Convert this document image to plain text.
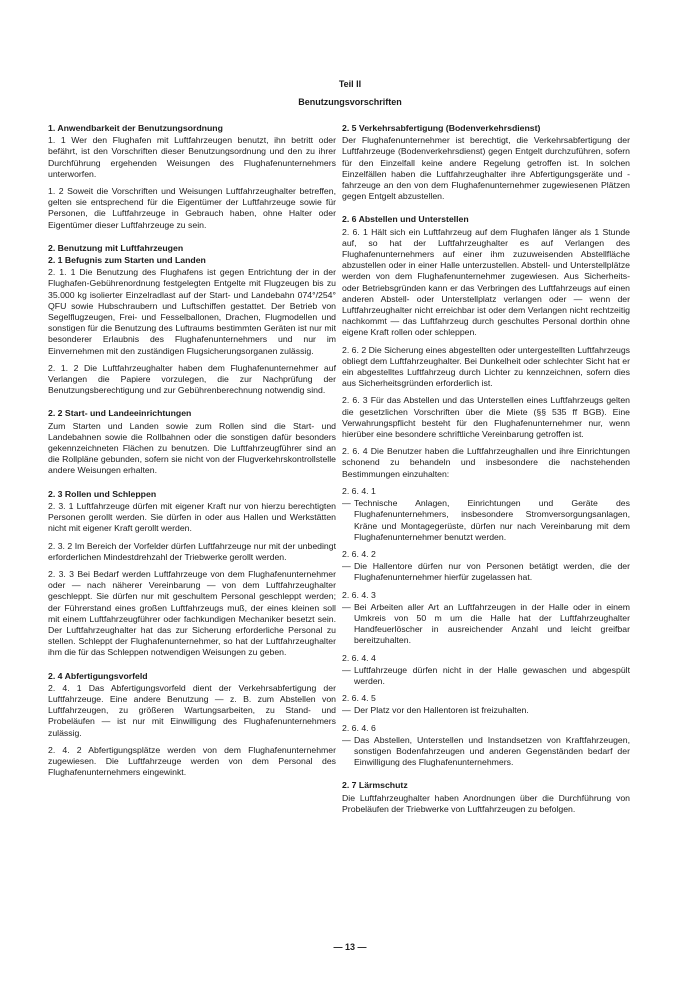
Teil II
Benutzungsvorschriften
1. Anwendbarkeit der Benutzungsordnung

1. 1 Wer den Flughafen mit Luftfahrzeugen benutzt, ihn betritt oder befährt, ist den Vorschriften dieser Benutzungsordnung und den zu ihrer Durchführung ergehenden Weisungen des Flughafenunternehmers unterworfen.

1. 2 Soweit die Vorschriften und Weisungen Luftfahrzeughalter betreffen, gelten sie entsprechend für die Eigentümer der Luftfahrzeuge sowie für Personen, die Luftfahrzeuge in Gebrauch haben, ohne Halter oder Eigentümer dieser Luftfahrzeuge zu sein.

2. Benutzung mit Luftfahrzeugen
2. 1 Befugnis zum Starten und Landen

2. 1. 1 Die Benutzung des Flughafens ist gegen Entrichtung der in der Flughafen-Gebührenordnung festgelegten Entgelte mit Flugzeugen bis zu 35.000 kg isolierter Einzelradlast auf der Start- und Landebahn 074°/254° QFU sowie Hubschraubern und Luftschiffen gestattet. Der Betrieb von Segelflugzeugen, Frei- und Fesselballonen, Drachen, Flugmodellen und sonstigen für die Benutzung des Luftraums bestimmten Geräten ist nur mit besonderer Erlaubnis des Flughafenunternehmers und nur im Einvernehmen mit den zuständigen Flugsicherungsorganen zulässig.

2. 1. 2 Die Luftfahrzeughalter haben dem Flughafenunternehmer auf Verlangen die Papiere vorzulegen, die zur Nachprüfung der Benutzungsberechtigung und zur Gebührenberechnung notwendig sind.

2. 2 Start- und Landeeinrichtungen

Zum Starten und Landen sowie zum Rollen sind die Start- und Landebahnen sowie die Rollbahnen oder die sonstigen dafür besonders gekennzeichneten Flächen zu benutzen. Die Luftfahrzeugführer sind an die Rollpläne gebunden, sofern sie nicht von der Flugverkehrskontrollstelle andere Weisungen erhalten.

2. 3 Rollen und Schleppen

2. 3. 1 Luftfahrzeuge dürfen mit eigener Kraft nur von hierzu berechtigten Personen gerollt werden. Sie dürfen in oder aus Hallen und Werkstätten nicht mit eigener Kraft gerollt werden.

2. 3. 2 Im Bereich der Vorfelder dürfen Luftfahrzeuge nur mit der unbedingt erforderlichen Mindestdrehzahl der Triebwerke gerollt werden.

2. 3. 3 Bei Bedarf werden Luftfahrzeuge von dem Flughafenunternehmer oder — nach näherer Vereinbarung — von dem Luftfahrzeughalter geschleppt. Sie dürfen nur mit geschultem Personal geschleppt werden; der Führerstand eines großen Luftfahrzeugs muß, der eines kleinen soll mit einem Luftfahrzeugführer oder fachkundigen Mechaniker besetzt sein. Der Luftfahrzeughalter hat das zur Sicherung erforderliche Personal zu stellen. Schleppt der Flughafenunternehmer, so hat der Luftfahrzeughalter ihm die für das Schleppen notwendigen Weisungen zu geben.

2. 4 Abfertigungsvorfeld

2. 4. 1 Das Abfertigungsvorfeld dient der Verkehrsabfertigung der Luftfahrzeuge. Eine andere Benutzung — z. B. zum Abstellen von Luftfahrzeugen, zu größeren Wartungsarbeiten, zu Stand- und Probeläufen — ist nur mit Einwilligung des Flughafenunternehmers zulässig.

2. 4. 2 Abfertigungsplätze werden von dem Flughafenunternehmer zugewiesen. Die Luftfahrzeuge werden von dem Personal des Flughafenunternehmers eingewinkt.

2. 5 Verkehrsabfertigung (Bodenverkehrsdienst)

Der Flughafenunternehmer ist berechtigt, die Verkehrsabfertigung der Luftfahrzeuge (Bodenverkehrsdienst) gegen Entgelt durchzuführen, sofern für den Einzelfall keine andere Regelung getroffen ist. In solchen Einzelfällen haben die Luftfahrzeughalter ihre Abfertigungsgeräte und -fahrzeuge an den von dem Flughafenunternehmer zugewiesenen Plätzen gegen Entgelt abzustellen.

2. 6 Abstellen und Unterstellen

2. 6. 1 Hält sich ein Luftfahrzeug auf dem Flughafen länger als 1 Stunde auf, so hat der Luftfahrzeughalter es auf Verlangen des Flughafenunternehmers auf einer ihm zuzuweisenden Abstellfläche abzustellen oder in einer Halle unterzustellen. Abstell- und Unterstellplätze werden von dem Flughafenunternehmer zugewiesen. Aus Sicherheits- oder Betriebsgründen kann er das Verbringen des Luftfahrzeugs auf einen anderen Abstell- oder Unterstellplatz verlangen oder — wenn der Luftfahrzeughalter nicht erreichbar ist oder dem Verlangen nicht rechtzeitig nachkommt — das Luftfahrzeug durch geschultes Personal dorthin ohne eigene Kraft rollen oder schleppen.

2. 6. 2 Die Sicherung eines abgestellten oder untergestellten Luftfahrzeugs obliegt dem Luftfahrzeughalter. Bei Dunkelheit oder schlechter Sicht hat er ein abgestelltes Luftfahrzeug durch Lichter zu kennzeichnen, sofern dies aus Sicherheitsgründen erforderlich ist.

2. 6. 3 Für das Abstellen und das Unterstellen eines Luftfahrzeugs gelten die gesetzlichen Vorschriften über die Miete (§§ 535 ff BGB). Eine Verwahrungspflicht besteht für den Flughafenunternehmer nur, wenn hierüber eine besondere schriftliche Vereinbarung getroffen ist.

2. 6. 4 Die Benutzer haben die Luftfahrzeughallen und ihre Einrichtungen schonend zu behandeln und insbesondere die nachstehenden Bestimmungen einzuhalten:

2. 6. 4. 1
— Technische Anlagen, Einrichtungen und Geräte des Flughafenunternehmers, insbesondere Stromversorgungsanlagen, Kräne und Montagegerüste, dürfen nur nach Vereinbarung mit dem Flughafenunternehmer benutzt werden.
2. 6. 4. 2
— Die Hallentore dürfen nur von Personen betätigt werden, die der Flughafenunternehmer hierfür zugelassen hat.
2. 6. 4. 3
— Bei Arbeiten aller Art an Luftfahrzeugen in der Halle oder in einem Umkreis von 50 m um die Halle hat der Luftfahrzeughalter Handfeuerlöscher in ausreichender Anzahl und leicht greifbar bereitzuhalten.
2. 6. 4. 4
— Luftfahrzeuge dürfen nicht in der Halle gewaschen und abgespült werden.
2. 6. 4. 5
— Der Platz vor den Hallentoren ist freizuhalten.
2. 6. 4. 6
— Das Abstellen, Unterstellen und Instandsetzen von Kraftfahrzeugen, sonstigen Bodenfahrzeugen und anderen Gegenständen bedarf der Einwilligung des Flughafenunternehmers.
2. 7 Lärmschutz

Die Luftfahrzeughalter haben Anordnungen über die Durchführung von Probeläufen der Triebwerke von Luftfahrzeugen zu befolgen.

— 13 —
